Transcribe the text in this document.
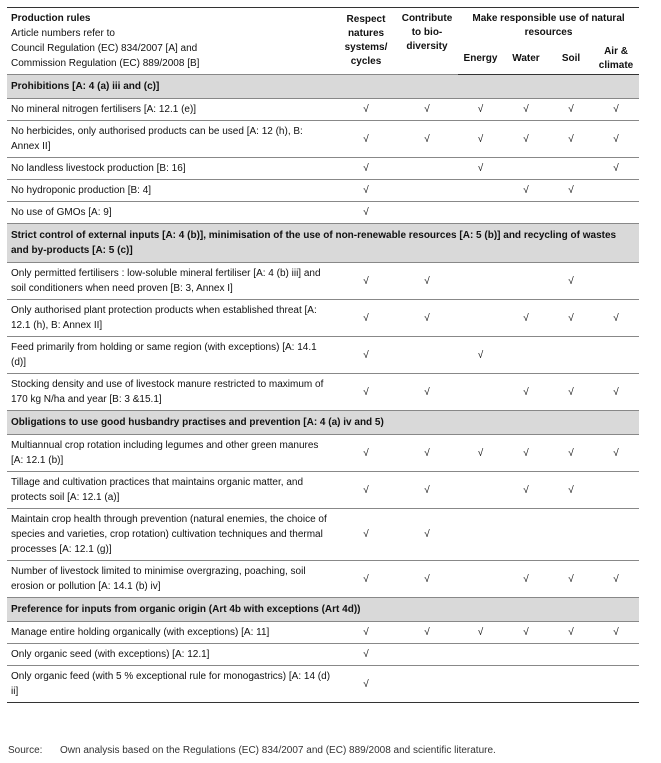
Production rules
Article numbers refer to
Council Regulation (EC) 834/2007 [A] and
Commission Regulation (EC) 889/2008 [B]	Respect natures systems/ cycles	Contribute to bio-diversity	Make responsible use of natural resources			
			Energy	Water	Soil	Air & climate
Prohibitions [A: 4 (a) iii and (c)]						
No mineral nitrogen fertilisers [A: 12.1 (e)]	√	√	√	√	√	√
No herbicides, only authorised products can be used [A: 12 (h), B: Annex II]	√	√	√	√	√	√
No landless livestock production [B: 16]	√		√			√
No hydroponic production [B: 4]	√			√	√	
No use of GMOs [A: 9]	√					
Strict control of external inputs [A: 4 (b)], minimisation of the use of non-renewable resources [A: 5 (b)] and recycling of wastes and by-products [A: 5 (c)]						
Only permitted fertilisers : low-soluble mineral fertiliser [A: 4 (b) iii] and soil conditioners when need proven [B: 3, Annex I]	√	√			√	
Only authorised plant protection products when established threat [A: 12.1 (h), B: Annex II]	√	√		√	√	√
Feed primarily from holding or same region (with exceptions) [A: 14.1 (d)]	√		√			
Stocking density and use of livestock manure restricted to maximum of 170 kg N/ha and year [B: 3 &15.1]	√	√		√	√	√
Obligations to use good husbandry practises and prevention [A: 4 (a) iv and 5)						
Multiannual crop rotation including legumes and other green manures [A: 12.1 (b)]	√	√	√	√	√	√
Tillage and cultivation practices that maintains organic matter, and protects soil [A: 12.1 (a)]	√	√		√	√	
Maintain crop health through prevention (natural enemies, the choice of species and varieties, crop rotation) cultivation techniques and thermal processes [A: 12.1 (g)]	√	√				
Number of livestock limited to minimise overgrazing, poaching, soil erosion or pollution [A: 14.1 (b) iv]	√	√		√	√	√
Preference for inputs from organic origin (Art 4b with exceptions (Art 4d))						
Manage entire holding organically (with exceptions) [A: 11]	√	√	√	√	√	√
Only organic seed (with exceptions) [A: 12.1]	√					
Only organic feed (with 5 % exceptional rule for monogastrics) [A: 14 (d) ii]	√					
Source: Own analysis based on the Regulations (EC) 834/2007 and (EC) 889/2008 and scientific literature.
